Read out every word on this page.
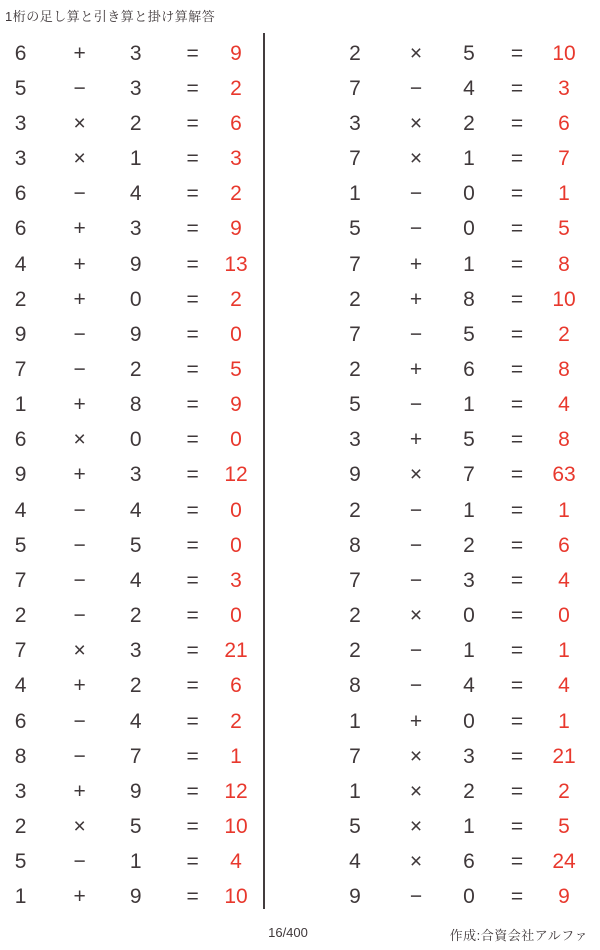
1桁の足し算と引き算と掛け算解答
6	+	3	=	9
5	−	3	=	2
3	×	2	=	6
3	×	1	=	3
6	−	4	=	2
6	+	3	=	9
4	+	9	=	13
2	+	0	=	2
9	−	9	=	0
7	−	2	=	5
1	+	8	=	9
6	×	0	=	0
9	+	3	=	12
4	−	4	=	0
5	−	5	=	0
7	−	4	=	3
2	−	2	=	0
7	×	3	=	21
4	+	2	=	6
6	−	4	=	2
8	−	7	=	1
3	+	9	=	12
2	×	5	=	10
5	−	1	=	4
1	+	9	=	10
2	×	5	=	10
7	−	4	=	3
3	×	2	=	6
7	×	1	=	7
1	−	0	=	1
5	−	0	=	5
7	+	1	=	8
2	+	8	=	10
7	−	5	=	2
2	+	6	=	8
5	−	1	=	4
3	+	5	=	8
9	×	7	=	63
2	−	1	=	1
8	−	2	=	6
7	−	3	=	4
2	×	0	=	0
2	−	1	=	1
8	−	4	=	4
1	+	0	=	1
7	×	3	=	21
1	×	2	=	2
5	×	1	=	5
4	×	6	=	24
9	−	0	=	9
16/400	作成:合資会社アルファ
